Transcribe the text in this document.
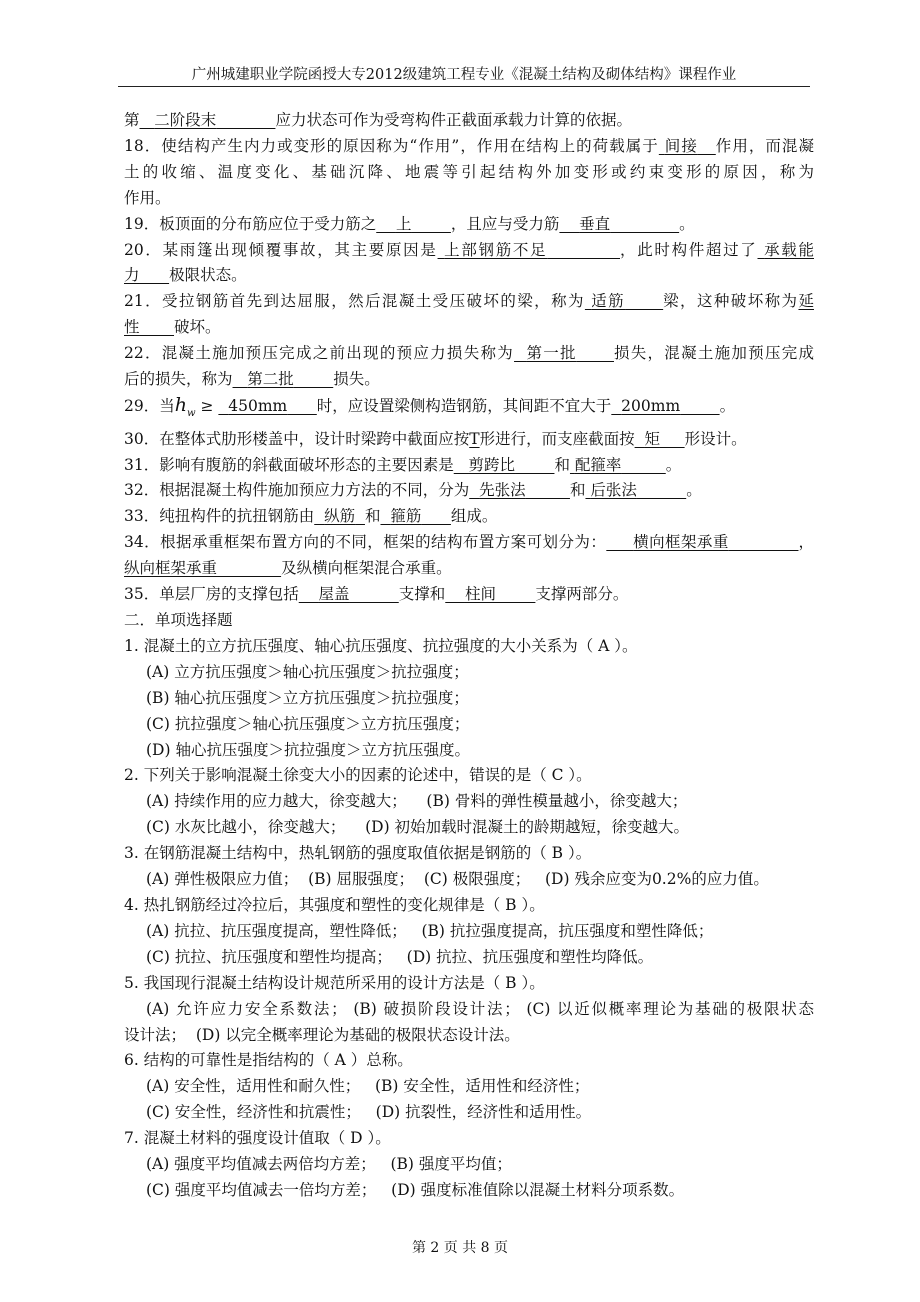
广州城建职业学院函授大专2012级建筑工程专业《混凝土结构及砌体结构》课程作业
第 二阶段末	应力状态可作为受弯构件正截面承载力计算的依据。
18．使结构产生内力或变形的原因称为“作用”，作用在结构上的荷载属于 间接 作用，而混凝
土的收缩、温度变化、基础沉降、地震等引起结构外加变形或约束变形的原因，称为
作用。
19．板顶面的分布筋应位于受力筋之 上	，且应与受力筋 垂直	。
20．某雨篷出现倾覆事故，其主要原因是 上部钢筋不足	，此时构件超过了 承载能
力 极限状态。
21．受拉钢筋首先到达屈服，然后混凝土受压破坏的梁，称为 适筋 梁，这种破坏称为延
性 破坏。
22．混凝土施加预压完成之前出现的预应力损失称为 第一批 损失，混凝土施加预压完成
后的损失，称为 第二批	损失。
29．当$h_w \ge 450mm$ 时，应设置梁侧构造钢筋，其间距不宜大于 200mm	。
30．在整体式肋形楼盖中，设计时梁跨中截面应按T形进行，而支座截面按 矩 形设计。
31．影响有腹筋的斜截面破坏形态的主要因素是 剪跨比	和 配箍率	。
32．根据混凝土构件施加预应力方法的不同，分为 先张法	和 后张法	。
33．纯扭构件的抗扭钢筋由 纵筋 和 箍筋 组成。
34．根据承重框架布置方向的不同，框架的结构布置方案可划分为： 横向框架承重	，
纵向框架承重	及纵横向框架混合承重。
35．单层厂房的支撑包括 屋盖	支撑和 柱间	支撑两部分。
二．单项选择题
1. 混凝土的立方抗压强度、轴心抗压强度、抗拉强度的大小关系为（ A ）。
(A) 立方抗压强度＞轴心抗压强度＞抗拉强度；
(B) 轴心抗压强度＞立方抗压强度＞抗拉强度；
(C) 抗拉强度＞轴心抗压强度＞立方抗压强度；
(D) 轴心抗压强度＞抗拉强度＞立方抗压强度。
2. 下列关于影响混凝土徐变大小的因素的论述中，错误的是（ C ）。
(A) 持续作用的应力越大，徐变越大；    (B) 骨料的弹性模量越小，徐变越大；
(C) 水灰比越小，徐变越大；    (D) 初始加载时混凝土的龄期越短，徐变越大。
3. 在钢筋混凝土结构中，热轧钢筋的强度取值依据是钢筋的（ B ）。
(A) 弹性极限应力值；  (B) 屈服强度；  (C) 极限强度；   (D) 残余应变为0.2%的应力值。
4. 热扎钢筋经过冷拉后，其强度和塑性的变化规律是（ B ）。
(A) 抗拉、抗压强度提高，塑性降低；   (B) 抗拉强度提高，抗压强度和塑性降低；
(C) 抗拉、抗压强度和塑性均提高；   (D) 抗拉、抗压强度和塑性均降低。
5. 我国现行混凝土结构设计规范所采用的设计方法是（ B ）。
(A) 允许应力安全系数法； (B) 破损阶段设计法； (C) 以近似概率理论为基础的极限状态
设计法；  (D) 以完全概率理论为基础的极限状态设计法。
6. 结构的可靠性是指结构的（ A ）总称。
(A) 安全性，适用性和耐久性；   (B) 安全性，适用性和经济性；
(C) 安全性，经济性和抗震性；   (D) 抗裂性，经济性和适用性。
7. 混凝土材料的强度设计值取（ D ）。
(A) 强度平均值减去两倍均方差；   (B) 强度平均值；
(C) 强度平均值减去一倍均方差；   (D) 强度标准值除以混凝土材料分项系数。
第 2 页 共 8 页
